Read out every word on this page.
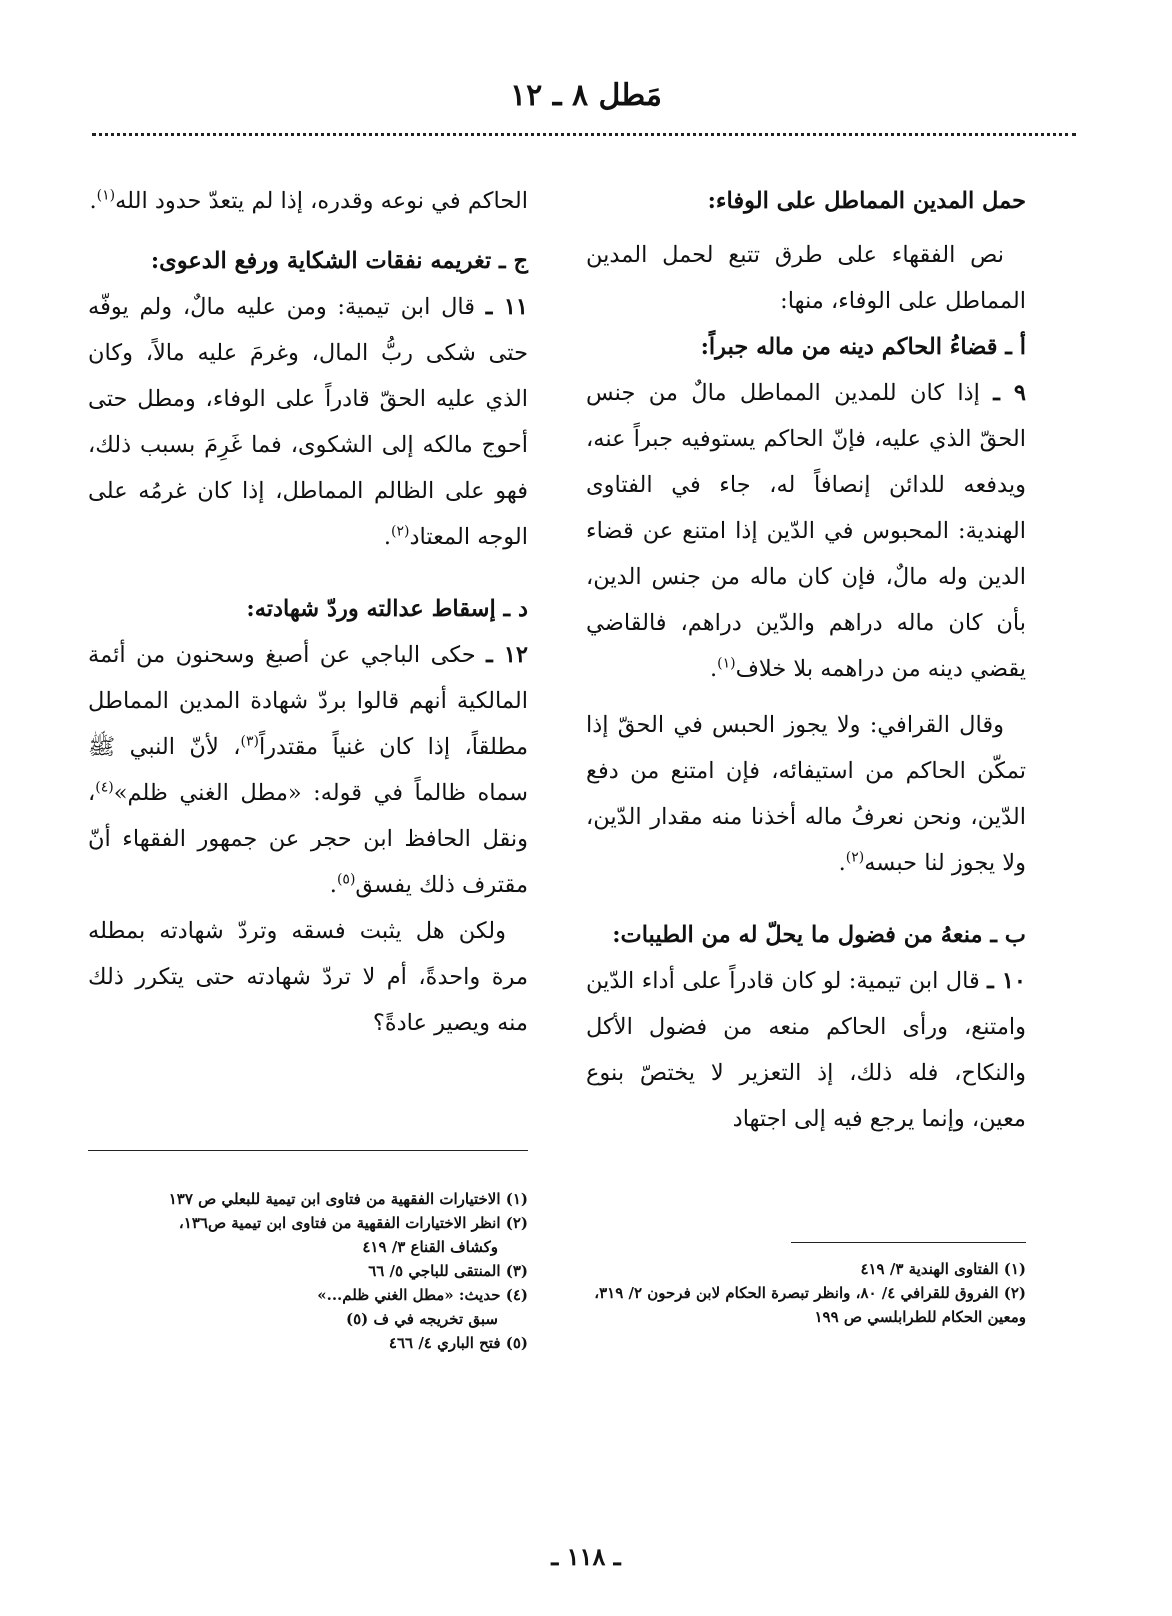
مَطل ٨ ـ ١٢
حمل المدين المماطل على الوفاء:

نص الفقهاء على طرق تتبع لحمل المدين المماطل على الوفاء، منها:

أ ـ قضاءُ الحاكم دينه من ماله جبراً:

٩ ـ إذا كان للمدين المماطل مالٌ من جنس الحقّ الذي عليه، فإنّ الحاكم يستوفيه جبراً عنه، ويدفعه للدائن إنصافاً له، جاء في الفتاوى الهندية: المحبوس في الدّين إذا امتنع عن قضاء الدين وله مالٌ، فإن كان ماله من جنس الدين، بأن كان ماله دراهم والدّين دراهم، فالقاضي يقضي دينه من دراهمه بلا خلاف$^{(١)}$.

وقال القرافي: ولا يجوز الحبس في الحقّ إذا تمكّن الحاكم من استيفائه، فإن امتنع من دفع الدّين، ونحن نعرفُ ماله أخذنا منه مقدار الدّين، ولا يجوز لنا حبسه$^{(٢)}$.

ب ـ منعهُ من فضول ما يحلّ له من الطيبات:

١٠ ـ قال ابن تيمية: لو كان قادراً على أداء الدّين وامتنع، ورأى الحاكم منعه من فضول الأكل والنكاح، فله ذلك، إذ التعزير لا يختصّ بنوع معين، وإنما يرجع فيه إلى اجتهاد

(١) الفتاوى الهندية ٣/ ٤١٩

(٢) الفروق للقرافي ٤/ ٨٠، وانظر تبصرة الحكام لابن فرحون ٢/ ٣١٩، ومعين الحكام للطرابلسي ص ١٩٩

الحاكم في نوعه وقدره، إذا لم يتعدّ حدود الله$^{(١)}$.

ج ـ تغريمه نفقات الشكاية ورفع الدعوى:

١١ ـ قال ابن تيمية: ومن عليه مالٌ، ولم يوفّه حتى شكى ربُّ المال، وغرمَ عليه مالاً، وكان الذي عليه الحقّ قادراً على الوفاء، ومطل حتى أحوج مالكه إلى الشكوى، فما غَرِمَ بسبب ذلك، فهو على الظالم المماطل، إذا كان غرمُه على الوجه المعتاد$^{(٢)}$.

د ـ إسقاط عدالته وردّ شهادته:

١٢ ـ حكى الباجي عن أصبغ وسحنون من أئمة المالكية أنهم قالوا بردّ شهادة المدين المماطل مطلقاً، إذا كان غنياً مقتدراً$^{(٣)}$، لأنّ النبي ﷺ سماه ظالماً في قوله: «مطل الغني ظلم»$^{(٤)}$، ونقل الحافظ ابن حجر عن جمهور الفقهاء أنّ مقترف ذلك يفسق$^{(٥)}$.

ولكن هل يثبت فسقه وتردّ شهادته بمطله مرة واحدةً، أم لا تردّ شهادته حتى يتكرر ذلك منه ويصير عادةً؟

(١) الاختيارات الفقهية من فتاوى ابن تيمية للبعلي ص ١٣٧

(٢) انظر الاختيارات الفقهية من فتاوى ابن تيمية ص١٣٦،

وكشاف القناع ٣/ ٤١٩

(٣) المنتقى للباجي ٥/ ٦٦

(٤) حديث: «مطل الغني ظلم...»

سبق تخريجه في ف (٥)

(٥) فتح الباري ٤/ ٤٦٦

ـ ١١٨ ـ
